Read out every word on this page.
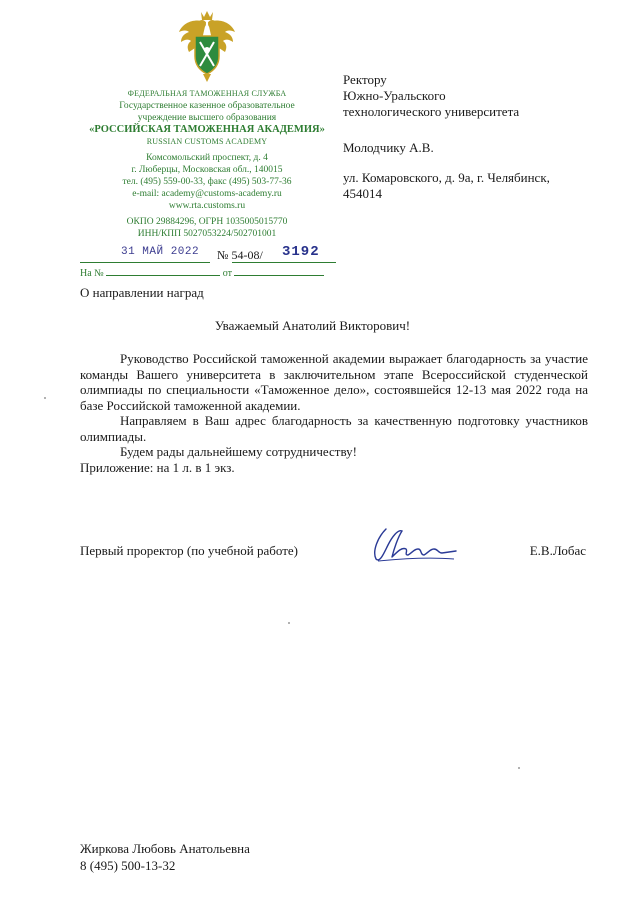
ФЕДЕРАЛЬНАЯ ТАМОЖЕННАЯ СЛУЖБА
Государственное казенное образовательное
учреждение высшего образования
«РОССИЙСКАЯ ТАМОЖЕННАЯ АКАДЕМИЯ»
RUSSIAN CUSTOMS ACADEMY
Комсомольский проспект, д. 4
г. Люберцы, Московская обл., 140015
тел. (495) 559-00-33, факс (495) 503-77-36
e-mail: academy@customs-academy.ru
www.rta.customs.ru
ОКПО 29884296, ОГРН 1035005015770
ИНН/КПП 5027053224/502701001
31 МАЙ 2022 № 54-08/ 3192
На №	от
Ректору
Южно-Уральского
технологического университета
Молодчику А.В.
ул. Комаровского, д. 9а, г. Челябинск,
454014
О направлении наград
Уважаемый Анатолий Викторович!

Руководство Российской таможенной академии выражает благодарность за участие команды Вашего университета в заключительном этапе Всероссийской студенческой олимпиады по специальности «Таможенное дело», состоявшейся 12-13 мая 2022 года на базе Российской таможенной академии.

Направляем в Ваш адрес благодарность за качественную подготовку участников олимпиады.

Будем рады дальнейшему сотрудничеству!

Приложение: на 1 л. в 1 экз.

Первый проректор (по учебной работе)	Е.В.Лобас
Жиркова Любовь Анатольевна
8 (495) 500-13-32
